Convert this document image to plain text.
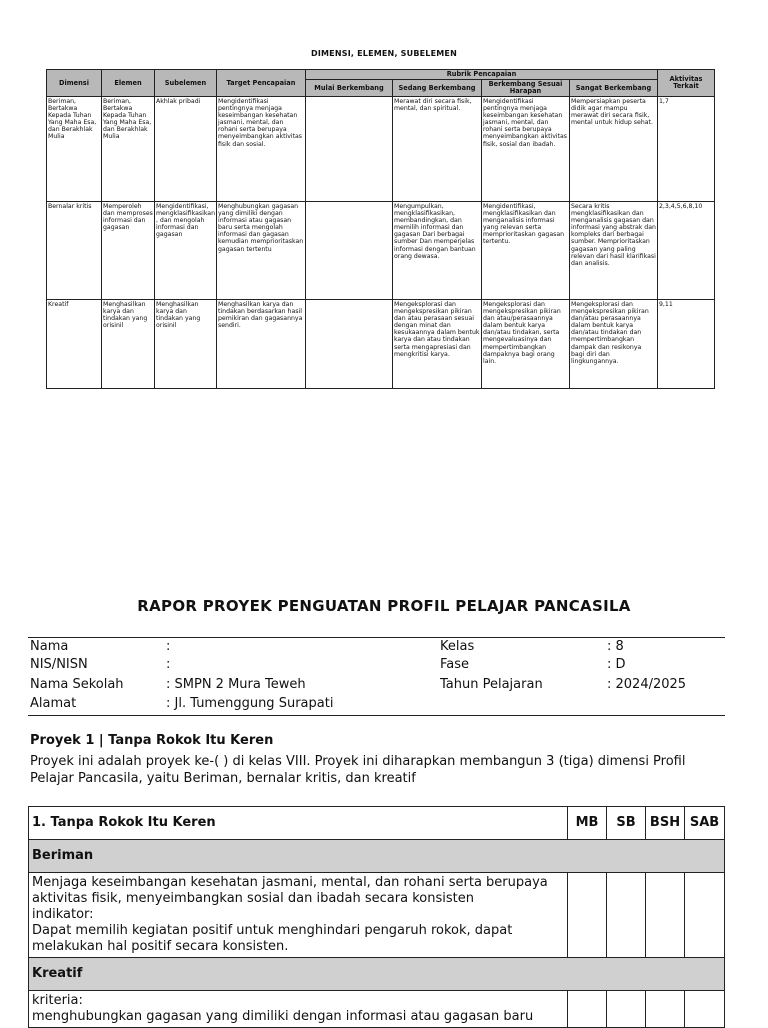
DIMENSI, ELEMEN, SUBELEMEN
Dimensi	Elemen	Subelemen	Target Pencapaian	Rubrik Pencapaian				Aktivitas Terkait
				Mulai Berkembang	Sedang Berkembang	Berkembang Sesuai Harapan	Sangat Berkembang	
Beriman, Bertakwa Kepada Tuhan Yang Maha Esa, dan Berakhlak Mulia	Beriman, Bertakwa Kepada Tuhan Yang Maha Esa, dan Berakhlak Mulia	Akhlak pribadi	Mengidentifikasi pentingnya menjaga keseimbangan kesehatan jasmani, mental, dan rohani serta berupaya menyeimbangkan aktivitas fisik dan sosial.		Merawat diri secara fisik, mental, dan spiritual.	Mengidentifikasi pentingnya menjaga keseimbangan kesehatan jasmani, mental, dan rohani serta berupaya menyeimbangkan aktivitas fisik, sosial dan ibadah.	Mempersiapkan peserta didik agar mampu merawat diri secara fisik, mental untuk hidup sehat.	1,7
Bernalar kritis	Memperoleh dan memproses informasi dan gagasan	Mengidentifikasi, mengklasifikasikan, dan mengolah informasi dan gagasan	Menghubungkan gagasan yang dimiliki dengan informasi atau gagasan baru serta mengolah informasi dan gagasan kemudian memprioritaskan gagasan tertentu		Mengumpulkan, mengklasifikasikan, membandingkan, dan memilih informasi dan gagasan Dari berbagai sumber Dan memperjelas informasi dengan bantuan orang dewasa.	Mengidentifikasi, mengklasifikasikan dan menganalisis informasi yang relevan serta memprioritaskan gagasan tertentu.	Secara kritis mengklasifikasikan dan menganalisis gagasan dan informasi yang abstrak dan kompleks dari berbagai sumber. Memprioritaskan gagasan yang paling relevan dari hasil klarifikasi dan analisis.	2,3,4,5,6,8,10
Kreatif	Menghasilkan karya dan tindakan yang orisinil	Menghasilkan karya dan tindakan yang orisinil	Menghasilkan karya dan tindakan berdasarkan hasil pemikiran dan gagasannya sendiri.		Mengeksplorasi dan mengekspresikan pikiran dan atau perasaan sesuai dengan minat dan kesukaannya dalam bentuk karya dan atau tindakan serta mengapresiasi dan mengkritisi karya.	Mengeksplorasi dan mengekspresikan pikiran dan atau/perasaannya dalam bentuk karya dan/atau tindakan, serta mengevaluasinya dan mempertimbangkan dampaknya bagi orang lain.	Mengeksplorasi dan mengekspresikan pikiran dan/atau perasaannya dalam bentuk karya dan/atau tindakan dan mempertimbangkan dampak dan resikonya bagi diri dan lingkungannya.	9,11
RAPOR PROYEK PENGUATAN PROFIL PELAJAR PANCASILA
Nama	:	Kelas	: 8
NIS/NISN	:	Fase	: D
Nama Sekolah	: SMPN 2 Mura Teweh	Tahun Pelajaran	: 2024/2025
Alamat	: Jl. Tumenggung Surapati
Proyek 1 | Tanpa Rokok Itu Keren
Proyek ini adalah proyek ke-( ) di kelas VIII. Proyek ini diharapkan membangun 3 (tiga) dimensi Profil Pelajar Pancasila, yaitu Beriman, bernalar kritis, dan kreatif
1. Tanpa Rokok Itu Keren	MB	SB	BSH	SAB
Beriman				
Menjaga keseimbangan kesehatan jasmani, mental, dan rohani serta berupaya aktivitas fisik, menyeimbangkan sosial dan ibadah secara konsisten
indikator:
Dapat memilih kegiatan positif untuk menghindari pengaruh rokok, dapat melakukan hal positif secara konsisten.				
Kreatif				
kriteria:
menghubungkan gagasan yang dimiliki dengan informasi atau gagasan baru				
